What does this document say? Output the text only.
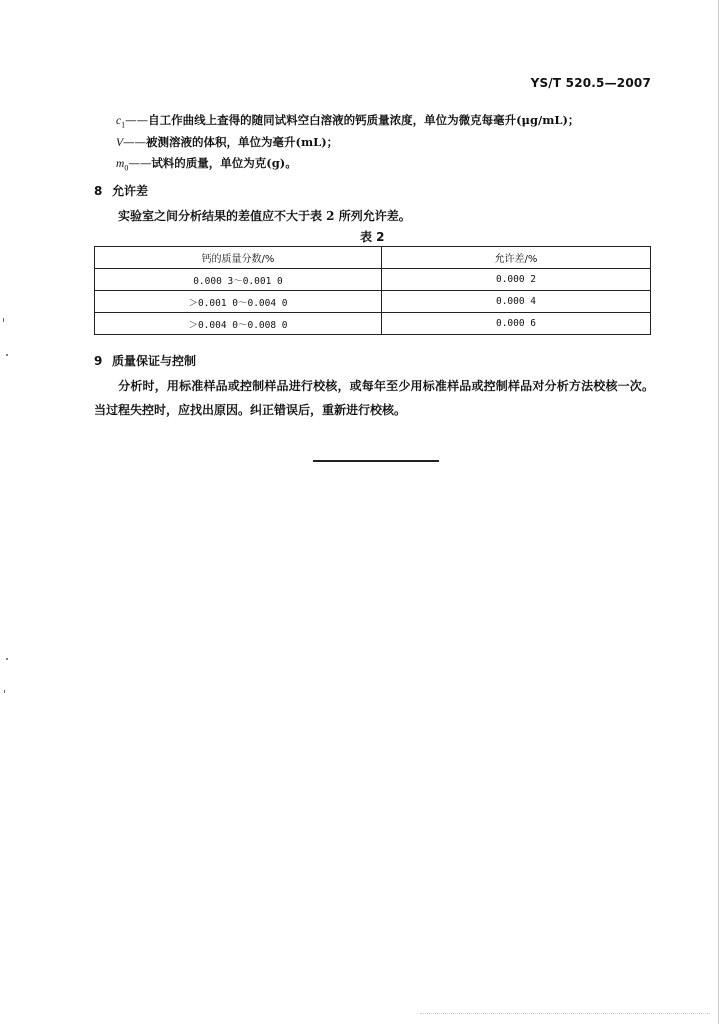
YS/T 520.5—2007
$c_1——$自工作曲线上查得的随同试料空白溶液的钙质量浓度，单位为微克每毫升(μg/mL)；
V——被测溶液的体积，单位为毫升(mL)；
$m_0——$试料的质量，单位为克(g)。
8 允许差
实验室之间分析结果的差值应不大于表 2 所列允许差。
表 2
钙的质量分数/%	允许差/%
0.000 3～0.001 0	0.000 2
＞0.001 0～0.004 0	0.000 4
＞0.004 0～0.008 0	0.000 6
9 质量保证与控制
分析时，用标准样品或控制样品进行校核，或每年至少用标准样品或控制样品对分析方法校核一次。当过程失控时，应找出原因。纠正错误后，重新进行校核。
